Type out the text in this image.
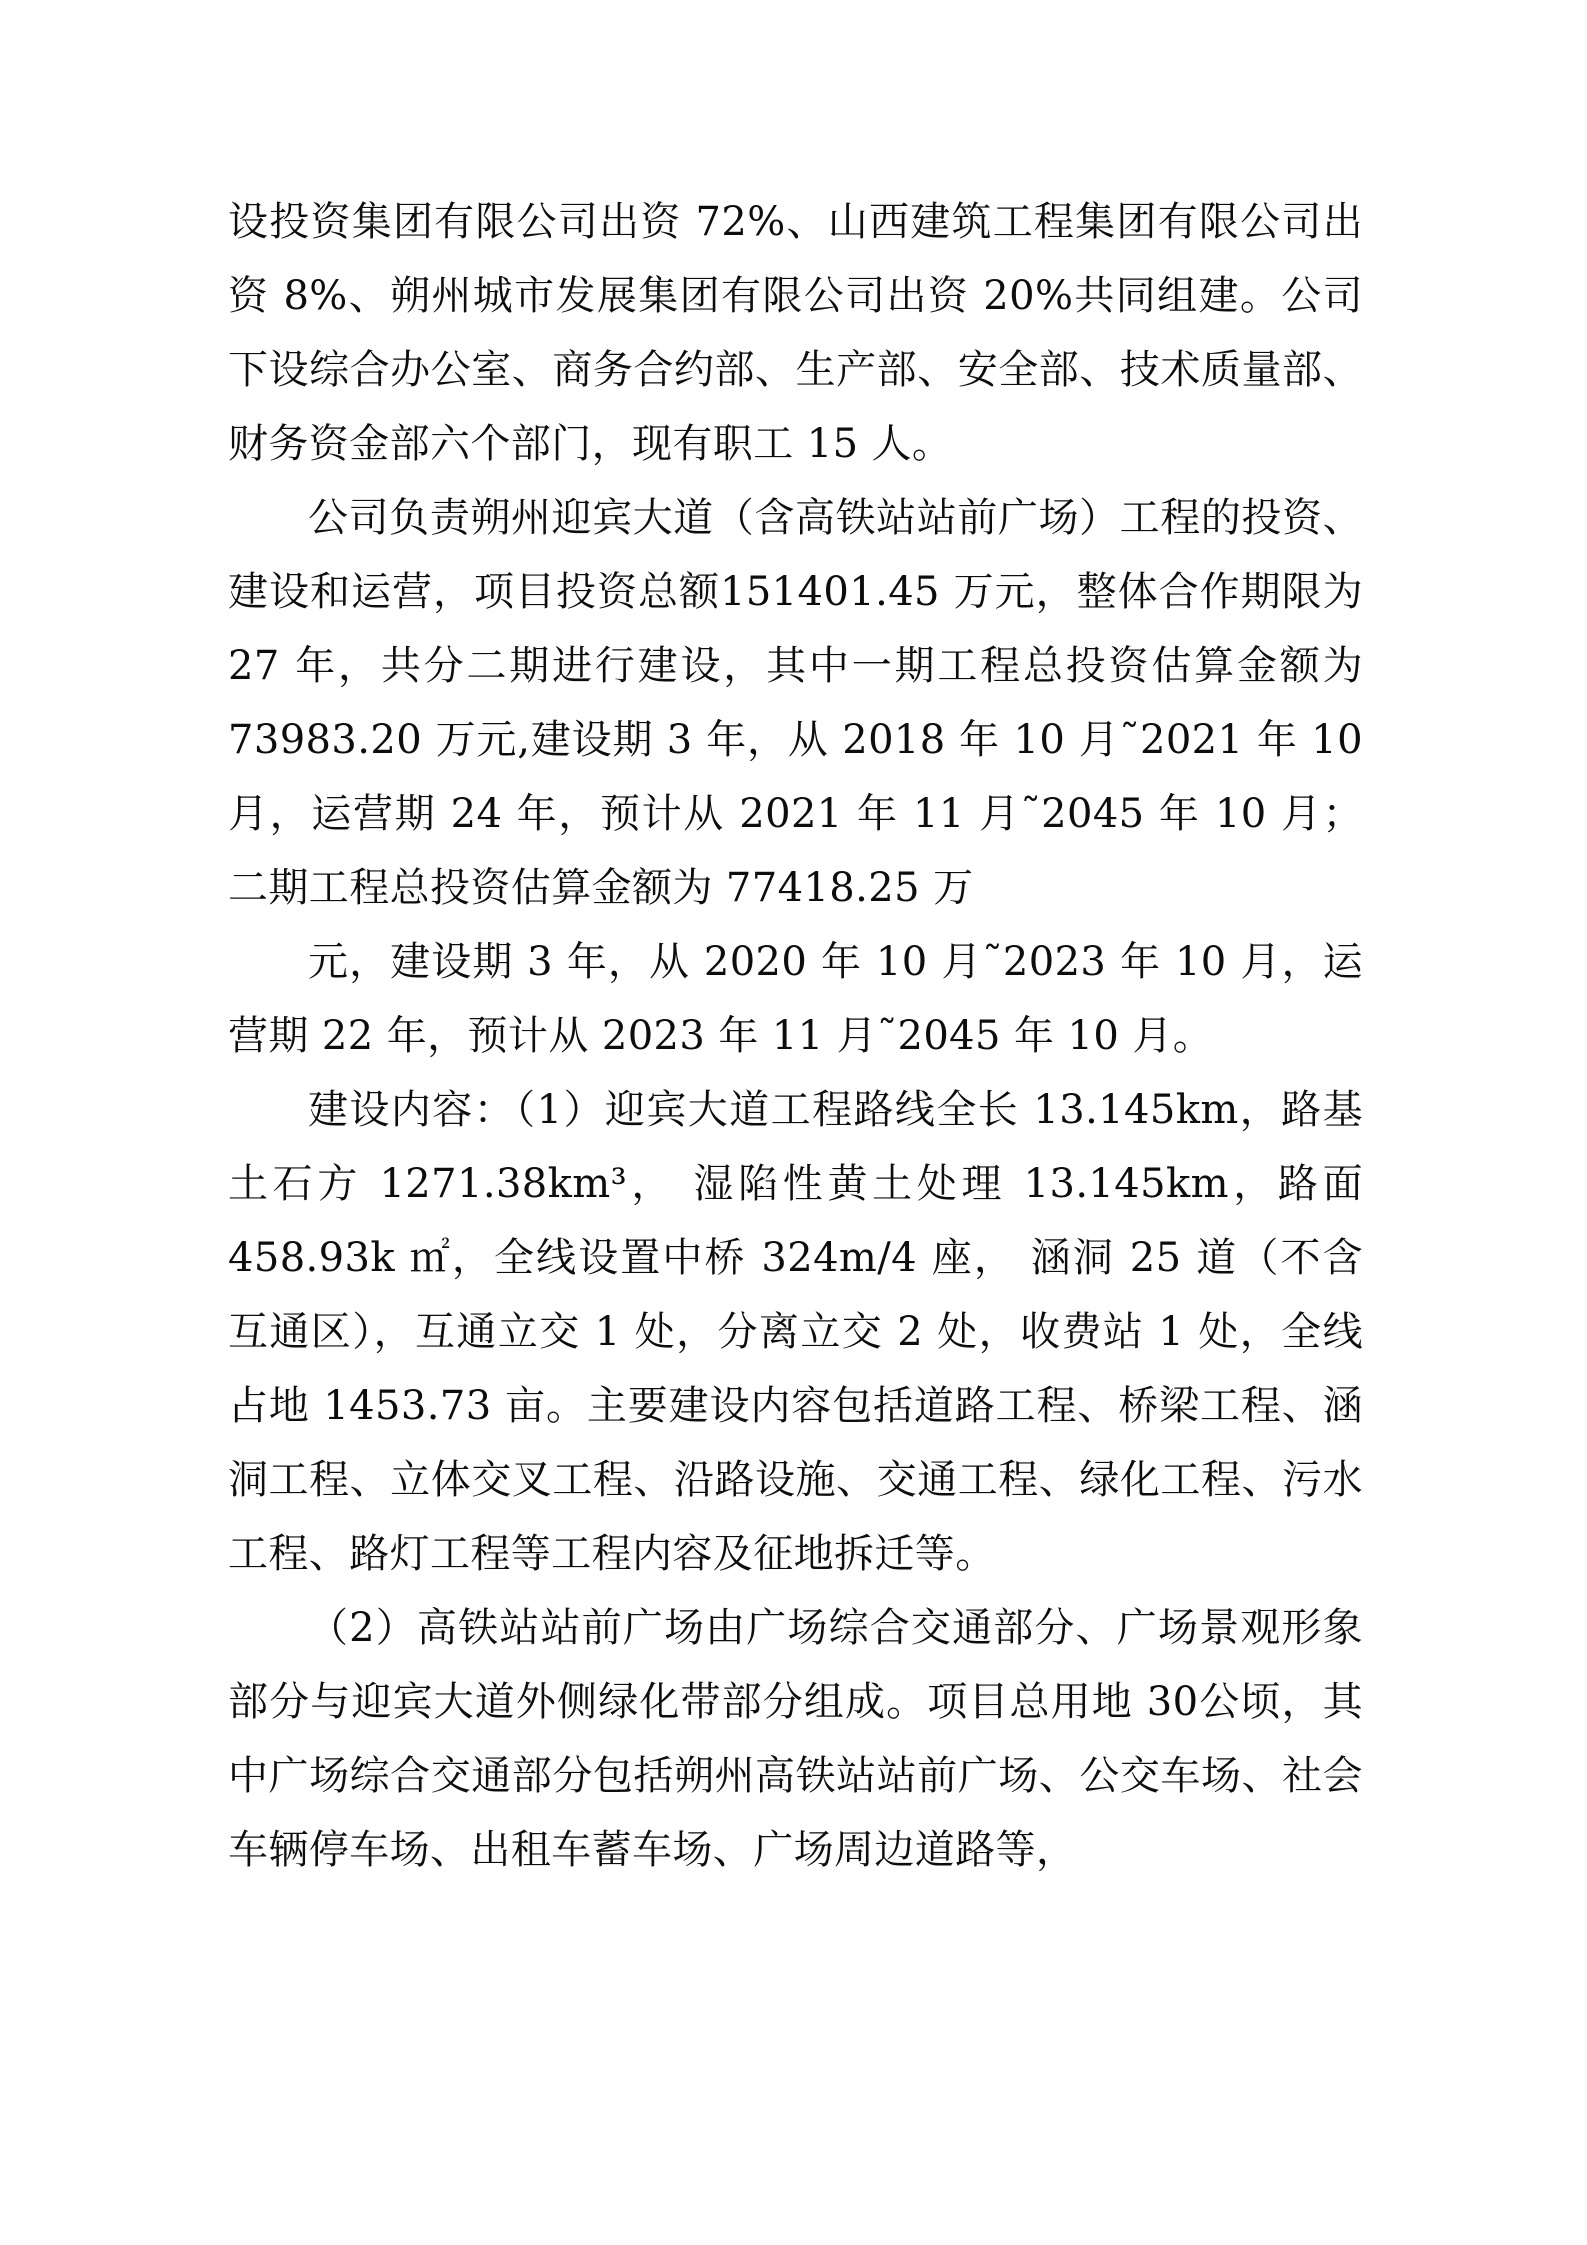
设投资集团有限公司出资 72%、山西建筑工程集团有限公司出资 8%、朔州城市发展集团有限公司出资 20%共同组建。公司下设综合办公室、商务合约部、生产部、安全部、技术质量部、财务资金部六个部门，现有职工 15 人。

公司负责朔州迎宾大道（含高铁站站前广场）工程的投资、建设和运营，项目投资总额151401.45 万元，整体合作期限为 27 年，共分二期进行建设，其中一期工程总投资估算金额为 73983.20 万元,建设期 3 年，从 2018 年 10 月˜2021 年 10 月，运营期 24 年，预计从 2021 年 11 月˜2045 年 10 月；二期工程总投资估算金额为 77418.25 万

元，建设期 3 年，从 2020 年 10 月˜2023 年 10 月，运营期 22 年，预计从 2023 年 11 月˜2045 年 10 月。

建设内容：（1）迎宾大道工程路线全长 13.145km，路基土石方 1271.38km³， 湿陷性黄土处理 13.145km，路面458.93k ㎡，全线设置中桥 324m/4 座， 涵洞 25 道（不含互通区），互通立交 1 处，分离立交 2 处，收费站 1 处，全线占地 1453.73 亩。主要建设内容包括道路工程、桥梁工程、涵洞工程、立体交叉工程、沿路设施、交通工程、绿化工程、污水工程、路灯工程等工程内容及征地拆迁等。

（2）高铁站站前广场由广场综合交通部分、广场景观形象部分与迎宾大道外侧绿化带部分组成。项目总用地 30公顷，其中广场综合交通部分包括朔州高铁站站前广场、公交车场、社会车辆停车场、出租车蓄车场、广场周边道路等，
